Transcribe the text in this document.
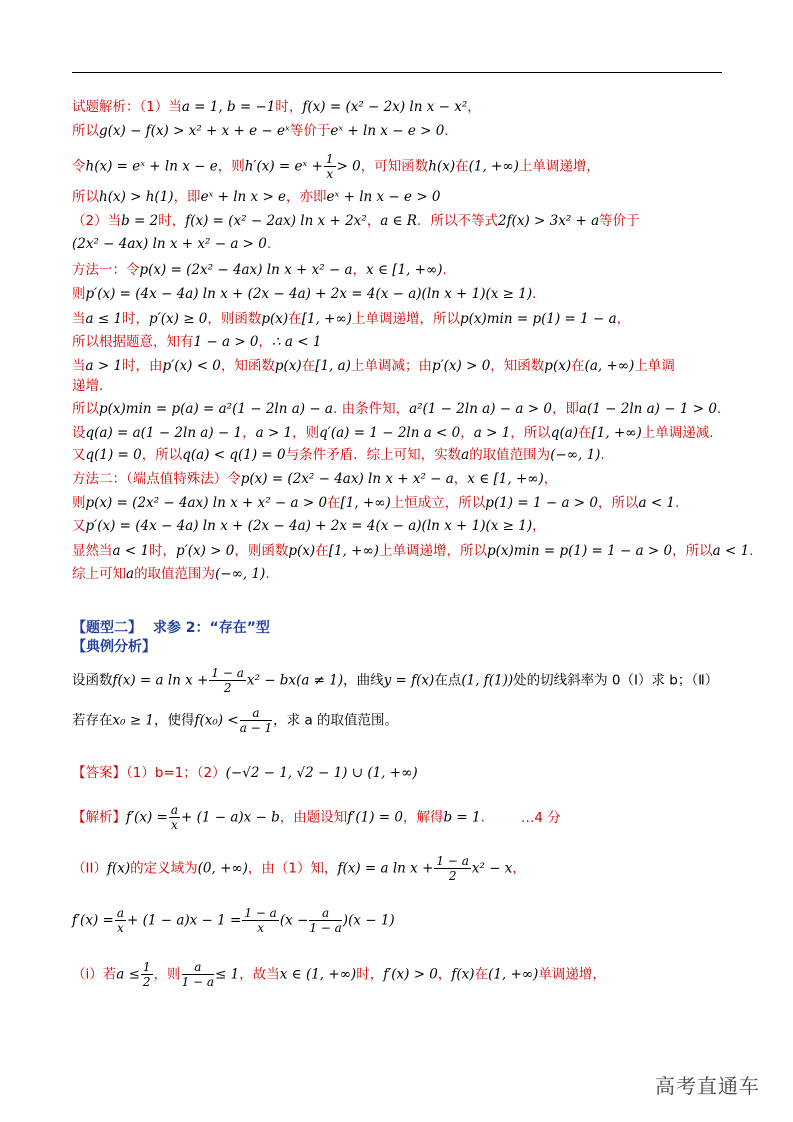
试题解析：（1）当a = 1, b = −1时，f(x) = (x² − 2x) ln x − x²，
所以g(x) − f(x) > x² + x + e − eˣ等价于eˣ + ln x − e > 0.
令h(x) = eˣ + ln x − e，则h′(x) = eˣ + $\frac{1}{x} > 0$，可知函数h(x)在(1, +∞)上单调递增，
所以h(x) > h(1)，即eˣ + ln x > e，亦即eˣ + ln x − e > 0
（2）当b = 2时，f(x) = (x² − 2ax) ln x + 2x²，a ∈ R．所以不等式2f(x) > 3x² + a等价于
(2x² − 4ax) ln x + x² − a > 0.
方法一：令p(x) = (2x² − 4ax) ln x + x² − a，x ∈ [1, +∞).
则p′(x) = (4x − 4a) ln x + (2x − 4a) + 2x = 4(x − a)(ln x + 1)(x ≥ 1).
当a ≤ 1时，p′(x) ≥ 0，则函数p(x)在[1, +∞)上单调递增，所以p(x)min = p(1) = 1 − a，
所以根据题意，知有1 − a > 0，∴ a < 1
当a > 1时，由p′(x) < 0，知函数p(x)在[1, a)上单调减；由p′(x) > 0，知函数p(x)在(a, +∞)上单调
递增.
所以p(x)min = p(a) = a²(1 − 2ln a) − a. 由条件知，a²(1 − 2ln a) − a > 0，即a(1 − 2ln a) − 1 > 0.
设q(a) = a(1 − 2ln a) − 1，a > 1，则q′(a) = 1 − 2ln a < 0，a > 1，所以q(a)在[1, +∞)上单调递减.
又q(1) = 0，所以q(a) < q(1) = 0与条件矛盾．综上可知，实数a的取值范围为(−∞, 1).
方法二：（端点值特殊法）令p(x) = (2x² − 4ax) ln x + x² − a，x ∈ [1, +∞)，
则p(x) = (2x² − 4ax) ln x + x² − a > 0在[1, +∞)上恒成立，所以p(1) = 1 − a > 0，所以a < 1.
又p′(x) = (4x − 4a) ln x + (2x − 4a) + 2x = 4(x − a)(ln x + 1)(x ≥ 1)，
显然当a < 1时，p′(x) > 0，则函数p(x)在[1, +∞)上单调递增，所以p(x)min = p(1) = 1 − a > 0，所以a < 1.
综上可知a的取值范围为(−∞, 1).
【题型二】 求参 2：“存在”型
【典例分析】
设函数f(x) = a $\ln x + \frac{1 - a}{2} x^2 - bx(a \ne 1)$，曲线y = f(x)在点(1, f(1))处的切线斜率为 0（Ⅰ）求 b；（Ⅱ）
若存在x₀ ≥ 1，使得$f(x_0) < \frac{a}{a - 1}$ ，求 a 的取值范围。
【答案】（1）b=1；（2）(−√2 − 1, √2 − 1) ∪ (1, +∞)
【解析】$f'(x) = \frac{a}{x} + (1 - a)x - b$，由题设知f′(1) = 0，解得b = 1.	…4 分
（II）f(x)的定义域为(0, +∞)，由（1）知，f(x) = a $\ln x + \frac{1 - a}{2} x^2 - x$，
$f'(x) = \frac{a}{x} + (1 - a)x - 1 = \frac{1 - a}{x} (x - \frac{a}{1 - a} )(x - 1)$
（ⅰ）若$a \le \frac{1}{2}$ ，则 $\frac{a}{1 - a} \le 1$，故当x ∈ (1, +∞)时，f′(x) > 0，f(x)在(1, +∞)单调递增，
高考直通车
